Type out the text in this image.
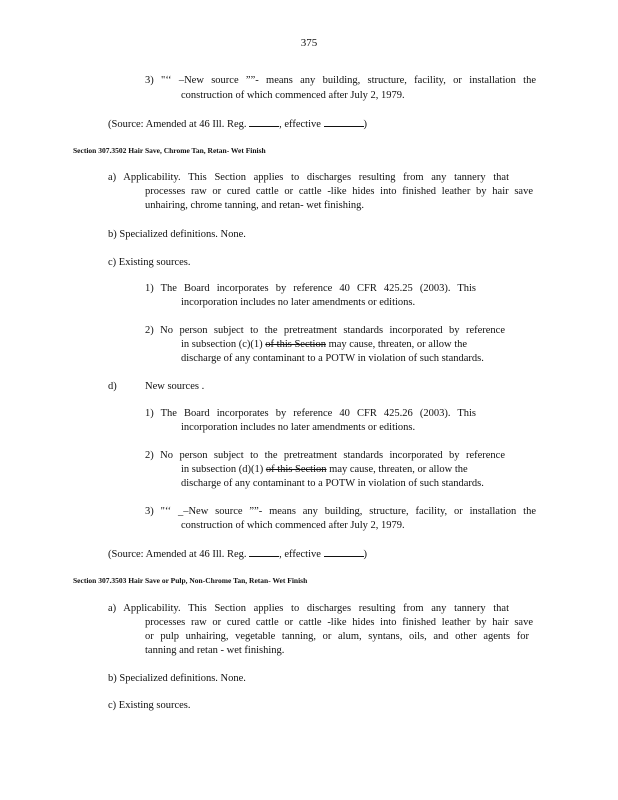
375
3) "‘‘ –New source ””- means any building, structure, facility, or installation the
construction of which commenced after July 2, 1979.
(Source: Amended at 46 Ill. Reg.	, effective	)
Section 307.3502 Hair Save, Chrome Tan, Retan- Wet Finish
a) Applicability. This Section applies to discharges resulting from any tannery that
processes raw or cured cattle or cattle -like hides into finished leather by hair save
unhairing, chrome tanning, and retan- wet finishing.
b) Specialized definitions. None.
c) Existing sources.
1) The Board incorporates by reference 40 CFR 425.25 (2003). This
incorporation includes no later amendments or editions.
2) No person subject to the pretreatment standards incorporated by reference
in subsection (c)(1) of this Section may cause, threaten, or allow the
discharge of any contaminant to a POTW in violation of such standards.
d)	New sources .
1) The Board incorporates by reference 40 CFR 425.26 (2003). This
incorporation includes no later amendments or editions.
2) No person subject to the pretreatment standards incorporated by reference
in subsection (d)(1) of this Section may cause, threaten, or allow the
discharge of any contaminant to a POTW in violation of such standards.
3) "‘‘ _–New source ””- means any building, structure, facility, or installation the
construction of which commenced after July 2, 1979.
(Source: Amended at 46 Ill. Reg.	, effective	)
Section 307.3503 Hair Save or Pulp, Non-Chrome Tan, Retan- Wet Finish
a) Applicability. This Section applies to discharges resulting from any tannery that
processes raw or cured cattle or cattle -like hides into finished leather by hair save
or pulp unhairing, vegetable tanning, or alum, syntans, oils, and other agents for
tanning and retan - wet finishing.
b) Specialized definitions. None.
c) Existing sources.
